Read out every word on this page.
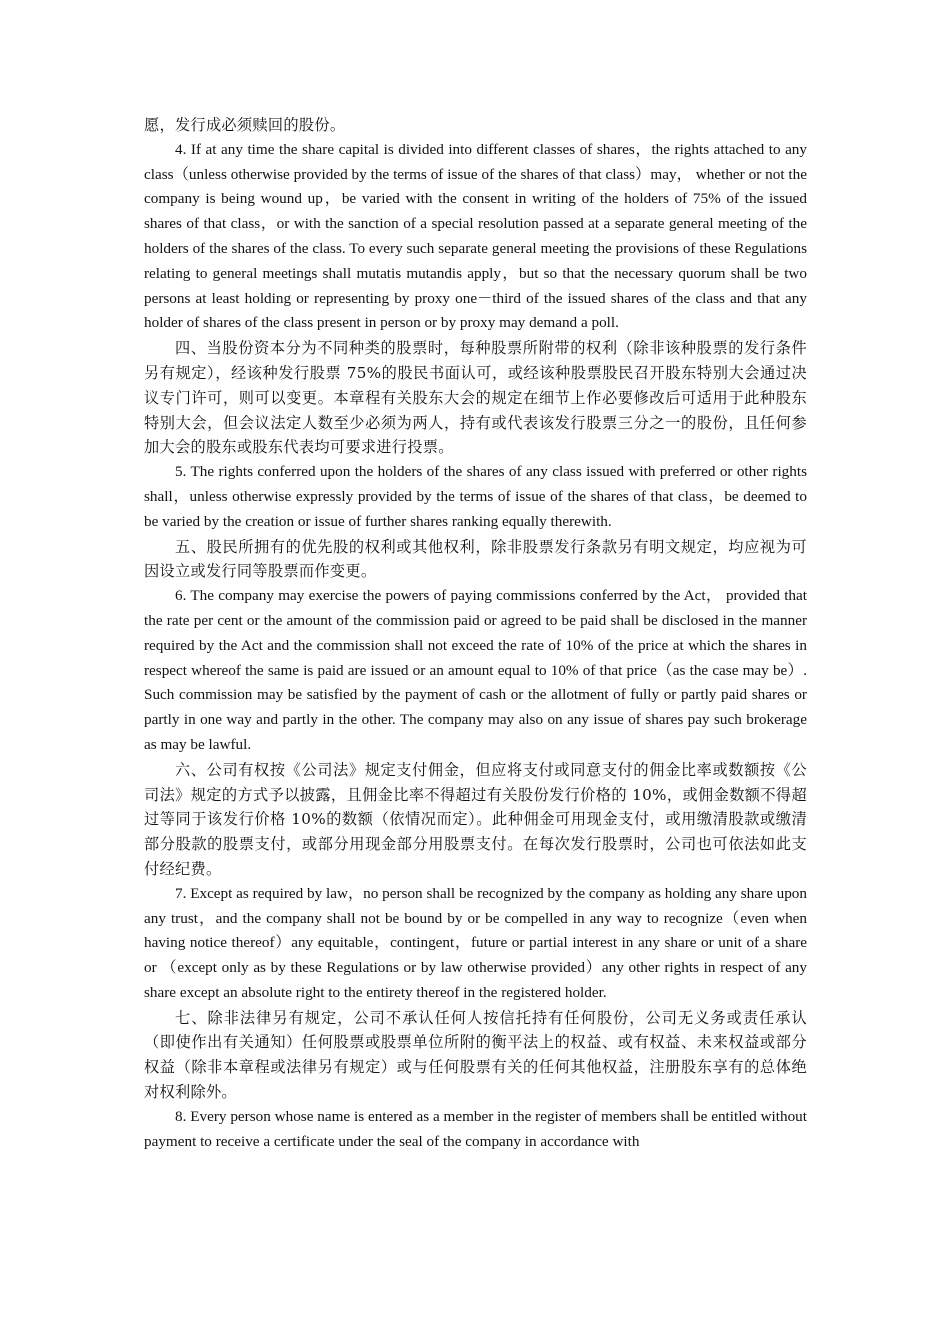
愿，发行成必须赎回的股份。

4. If at any time the share capital is divided into different classes of shares，the rights attached to any class（unless otherwise provided by the terms of issue of the shares of that class）may， whether or not the company is being wound up，be varied with the consent in writing of the holders of 75% of the issued shares of that class，or with the sanction of a special resolution passed at a separate general meeting of the holders of the shares of the class. To every such separate general meeting the provisions of these Regulations relating to general meetings shall mutatis mutandis apply，but so that the necessary quorum shall be two persons at least holding or representing by proxy one－third of the issued shares of the class and that any holder of shares of the class present in person or by proxy may demand a poll.

四、当股份资本分为不同种类的股票时，每种股票所附带的权利（除非该种股票的发行条件另有规定），经该种发行股票 75%的股民书面认可，或经该种股票股民召开股东特别大会通过决议专门许可，则可以变更。本章程有关股东大会的规定在细节上作必要修改后可适用于此种股东特别大会，但会议法定人数至少必须为两人，持有或代表该发行股票三分之一的股份，且任何参加大会的股东或股东代表均可要求进行投票。

5. The rights conferred upon the holders of the shares of any class issued with preferred or other rights shall，unless otherwise expressly provided by the terms of issue of the shares of that class，be deemed to be varied by the creation or issue of further shares ranking equally therewith.

五、股民所拥有的优先股的权利或其他权利，除非股票发行条款另有明文规定，均应视为可因设立或发行同等股票而作变更。

6. The company may exercise the powers of paying commissions conferred by the Act， provided that the rate per cent or the amount of the commission paid or agreed to be paid shall be disclosed in the manner required by the Act and the commission shall not exceed the rate of 10% of the price at which the shares in respect whereof the same is paid are issued or an amount equal to 10% of that price（as the case may be）. Such commission may be satisfied by the payment of cash or the allotment of fully or partly paid shares or partly in one way and partly in the other. The company may also on any issue of shares pay such brokerage as may be lawful.

六、公司有权按《公司法》规定支付佣金，但应将支付或同意支付的佣金比率或数额按《公司法》规定的方式予以披露，且佣金比率不得超过有关股份发行价格的 10%，或佣金数额不得超过等同于该发行价格 10%的数额（依情况而定）。此种佣金可用现金支付，或用缴清股款或缴清部分股款的股票支付，或部分用现金部分用股票支付。在每次发行股票时，公司也可依法如此支付经纪费。

7. Except as required by law，no person shall be recognized by the company as holding any share upon any trust，and the company shall not be bound by or be compelled in any way to recognize（even when having notice thereof）any equitable，contingent，future or partial interest in any share or unit of a share or （except only as by these Regulations or by law otherwise provided）any other rights in respect of any share except an absolute right to the entirety thereof in the registered holder.

七、除非法律另有规定，公司不承认任何人按信托持有任何股份，公司无义务或责任承认（即使作出有关通知）任何股票或股票单位所附的衡平法上的权益、或有权益、未来权益或部分权益（除非本章程或法律另有规定）或与任何股票有关的任何其他权益，注册股东享有的总体绝对权利除外。

8. Every person whose name is entered as a member in the register of members shall be entitled without payment to receive a certificate under the seal of the company in accordance with
